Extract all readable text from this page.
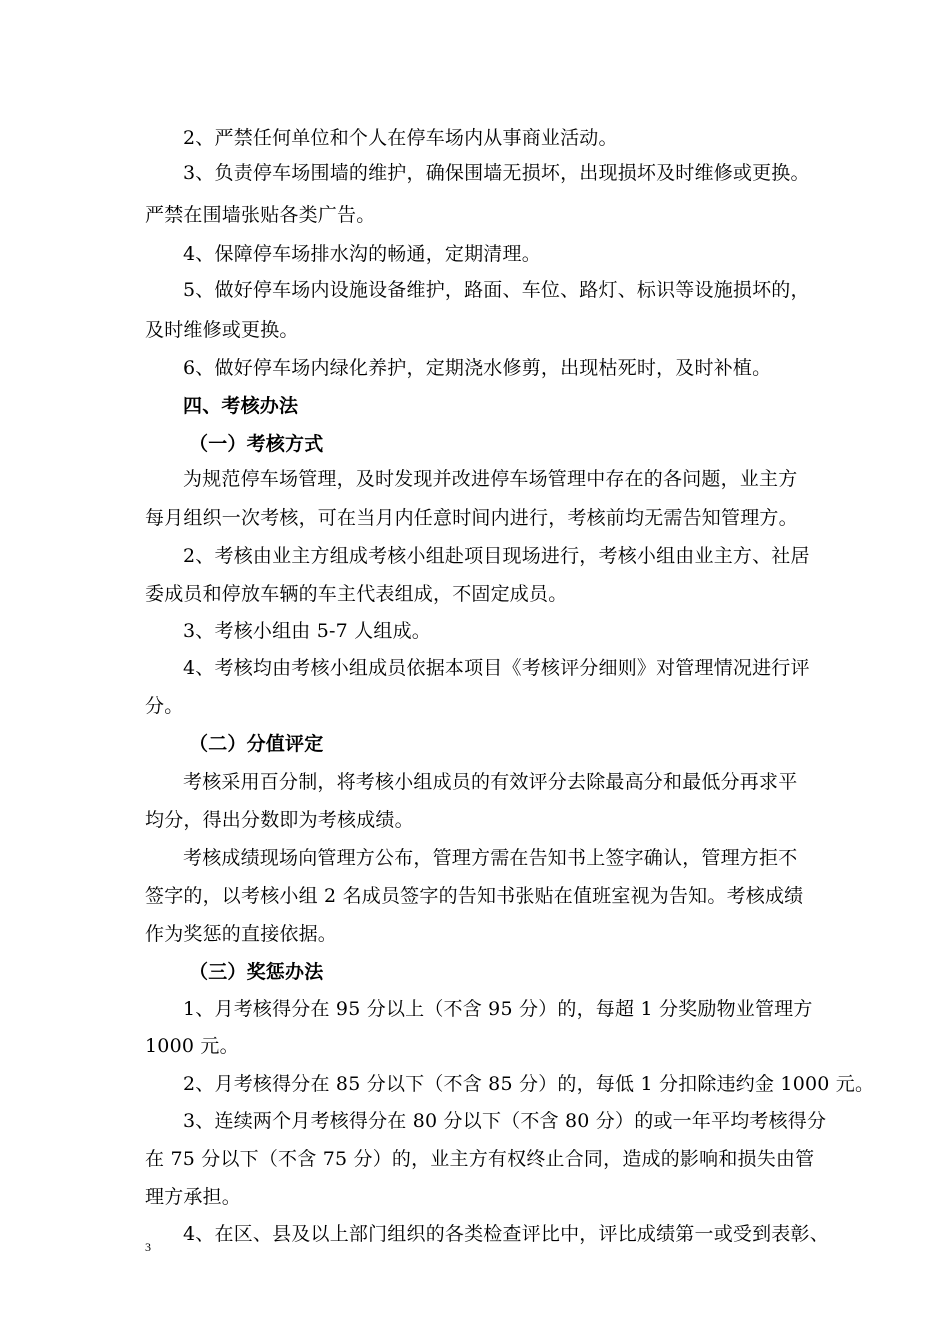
2、严禁任何单位和个人在停车场内从事商业活动。
3、负责停车场围墙的维护，确保围墙无损坏，出现损坏及时维修或更换。
严禁在围墙张贴各类广告。
4、保障停车场排水沟的畅通，定期清理。
5、做好停车场内设施设备维护，路面、车位、路灯、标识等设施损坏的，
及时维修或更换。
6、做好停车场内绿化养护，定期浇水修剪，出现枯死时，及时补植。
四、考核办法
（一）考核方式
为规范停车场管理，及时发现并改进停车场管理中存在的各问题，业主方
每月组织一次考核，可在当月内任意时间内进行，考核前均无需告知管理方。
2、考核由业主方组成考核小组赴项目现场进行，考核小组由业主方、社居
委成员和停放车辆的车主代表组成，不固定成员。
3、考核小组由 5-7 人组成。
4、考核均由考核小组成员依据本项目《考核评分细则》对管理情况进行评
分。
（二）分值评定
考核采用百分制，将考核小组成员的有效评分去除最高分和最低分再求平
均分，得出分数即为考核成绩。
考核成绩现场向管理方公布，管理方需在告知书上签字确认，管理方拒不
签字的，以考核小组 2 名成员签字的告知书张贴在值班室视为告知。考核成绩
作为奖惩的直接依据。
（三）奖惩办法
1、月考核得分在 95 分以上（不含 95 分）的，每超 1 分奖励物业管理方
1000 元。
2、月考核得分在 85 分以下（不含 85 分）的，每低 1 分扣除违约金 1000 元。
3、连续两个月考核得分在 80 分以下（不含 80 分）的或一年平均考核得分
在 75 分以下（不含 75 分）的，业主方有权终止合同，造成的影响和损失由管
理方承担。
4、在区、县及以上部门组织的各类检查评比中，评比成绩第一或受到表彰、
3
